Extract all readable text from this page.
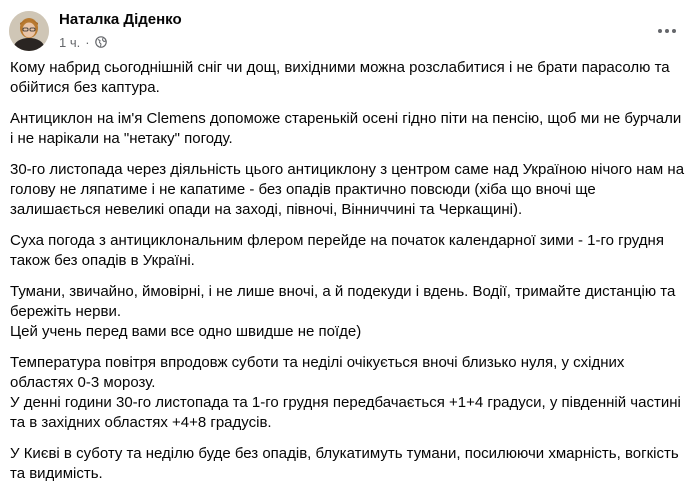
Наталка Діденко
1 ч. ·

Кому набрид сьогоднішній сніг чи дощ, вихідними можна розслабитися і не брати парасолю та обійтися без каптура.

Антициклон на ім'я Clemens допоможе старенькій осені гідно піти на пенсію, щоб ми не бурчали і не нарікали на "нетаку" погоду.

30-го листопада через діяльність цього антициклону з центром саме над Україною нічого нам на голову не ляпатиме і не капатиме - без опадів практично повсюди (хіба що вночі ще залишається невеликі опади на заході, півночі, Вінниччині та Черкащині).

Суха погода з антициклональним флером перейде на початок календарної зими - 1-го грудня також без опадів в Україні.

Тумани, звичайно, ймовірні, і не лише вночі, а й подекуди і вдень. Водії, тримайте дистанцію та бережіть нерви.
Цей учень перед вами все одно швидше не поїде)

Температура повітря впродовж суботи та неділі очікується вночі близько нуля, у східних областях 0-3 морозу.
У денні години 30-го листопада та 1-го грудня передбачається +1+4 градуси, у південній частині та в західних областях +4+8 градусів.

У Києві в суботу та неділю буде без опадів, блукатимуть тумани, посилюючи хмарність, вогкість та видимість.
